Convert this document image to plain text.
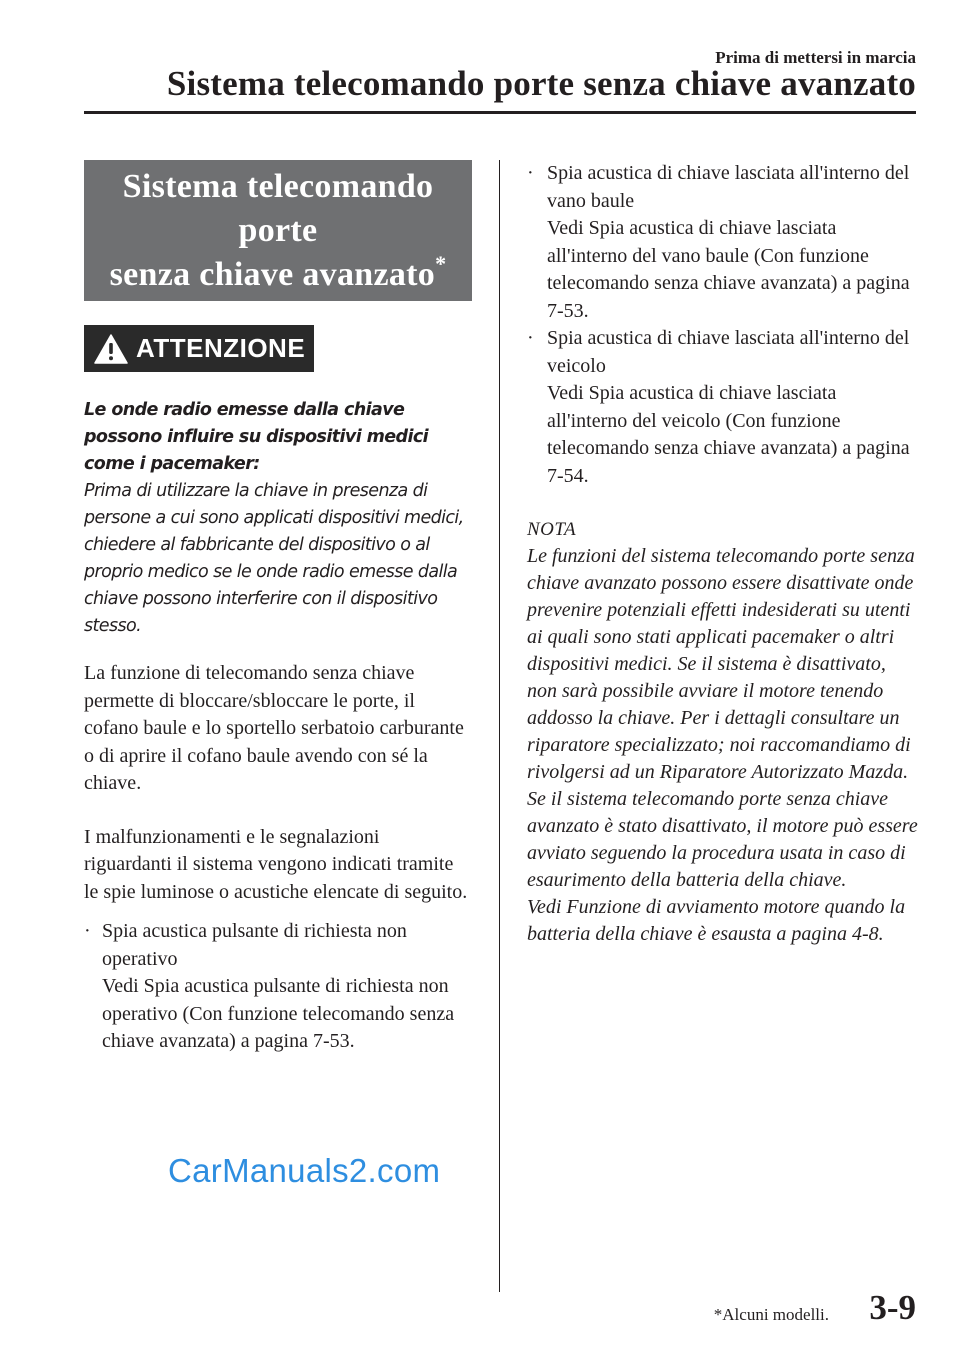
Prima di mettersi in marcia
Sistema telecomando porte senza chiave avanzato
Sistema telecomando porte
senza chiave avanzato*
ATTENZIONE
Le onde radio emesse dalla chiave possono influire su dispositivi medici come i pacemaker:
Prima di utilizzare la chiave in presenza di persone a cui sono applicati dispositivi medici, chiedere al fabbricante del dispositivo o al proprio medico se le onde radio emesse dalla chiave possono interferire con il dispositivo stesso.

La funzione di telecomando senza chiave permette di bloccare/sbloccare le porte, il cofano baule e lo sportello serbatoio carburante o di aprire il cofano baule avendo con sé la chiave.

I malfunzionamenti e le segnalazioni riguardanti il sistema vengono indicati tramite le spie luminose o acustiche elencate di seguito.

· Spia acustica pulsante di richiesta non operativo
Vedi Spia acustica pulsante di richiesta non operativo (Con funzione telecomando senza chiave avanzata) a pagina 7-53.
· Spia acustica di chiave lasciata all'interno del vano baule
Vedi Spia acustica di chiave lasciata all'interno del vano baule (Con funzione telecomando senza chiave avanzata) a pagina 7-53.
· Spia acustica di chiave lasciata all'interno del veicolo
Vedi Spia acustica di chiave lasciata all'interno del veicolo (Con funzione telecomando senza chiave avanzata) a pagina 7-54.
NOTA
Le funzioni del sistema telecomando porte senza chiave avanzato possono essere disattivate onde prevenire potenziali effetti indesiderati su utenti ai quali sono stati applicati pacemaker o altri dispositivi medici. Se il sistema è disattivato, non sarà possibile avviare il motore tenendo addosso la chiave. Per i dettagli consultare un riparatore specializzato; noi raccomandiamo di rivolgersi ad un Riparatore Autorizzato Mazda. Se il sistema telecomando porte senza chiave avanzato è stato disattivato, il motore può essere avviato seguendo la procedura usata in caso di esaurimento della batteria della chiave.
Vedi Funzione di avviamento motore quando la batteria della chiave è esausta a pagina 4-8.
CarManuals2.com
*Alcuni modelli. 3-9
